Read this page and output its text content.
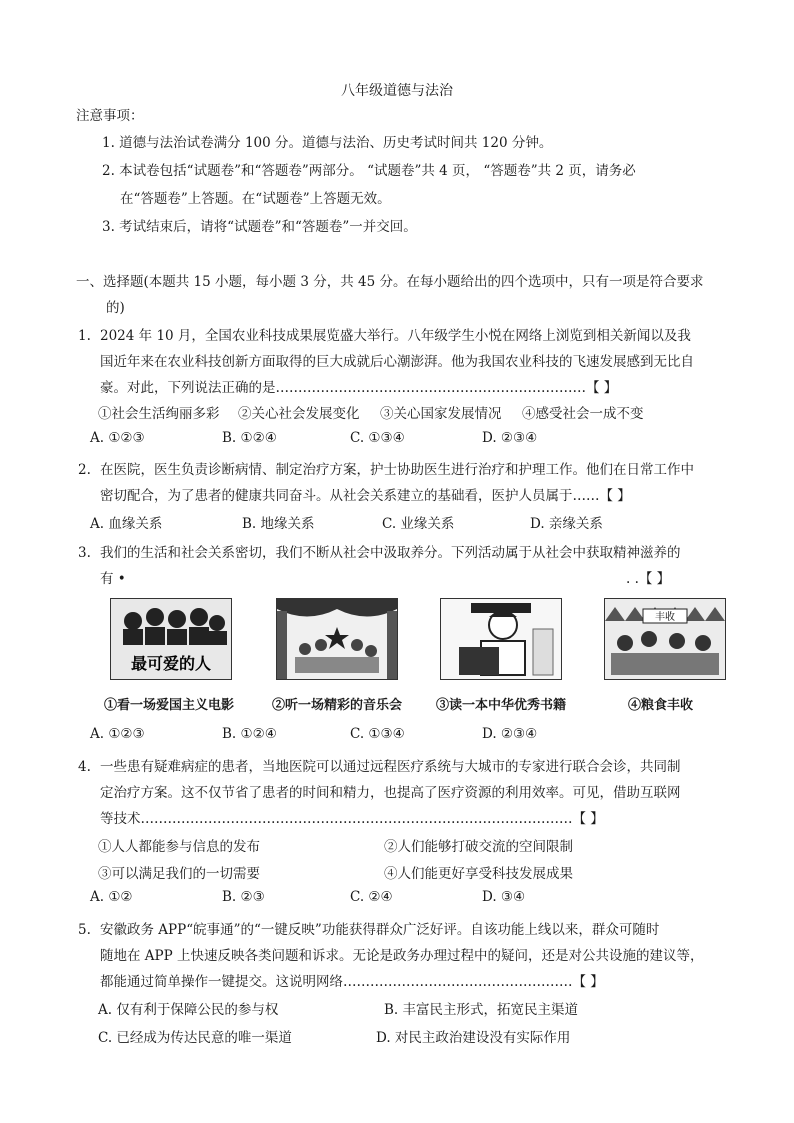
八年级道德与法治
注意事项：
1. 道德与法治试卷满分 100 分。道德与法治、历史考试时间共 120 分钟。
2. 本试卷包括“试题卷”和“答题卷”两部分。 “试题卷”共 4 页， “答题卷”共 2 页，请务必
在“答题卷”上答题。在“试题卷”上答题无效。
3. 考试结束后，请将“试题卷”和“答题卷”一并交回。
一、选择题(本题共 15 小题，每小题 3 分，共 45 分。在每小题给出的四个选项中，只有一项是符合要求
的)
1. 2024 年 10 月，全国农业科技成果展览盛大举行。八年级学生小悦在网络上浏览到相关新闻以及我
国近年来在农业科技创新方面取得的巨大成就后心潮澎湃。他为我国农业科技的飞速发展感到无比自
豪。对此，下列说法正确的是……………………………………………………………【 】
①社会生活绚丽多彩 ②关心社会发展变化 ③关心国家发展情况 ④感受社会一成不变
A. ①②③	B. ①②④	C. ①③④	D. ②③④
2. 在医院，医生负责诊断病情、制定治疗方案，护士协助医生进行治疗和护理工作。他们在日常工作中
密切配合，为了患者的健康共同奋斗。从社会关系建立的基础看，医护人员属于……【 】
A. 血缘关系	B. 地缘关系	C. 业缘关系	D. 亲缘关系
3. 我们的生活和社会关系密切，我们不断从社会中汲取养分。下列活动属于从社会中获取精神滋养的
有 •	. .【 】
最可爱的人
丰收
①看一场爱国主义电影	②听一场精彩的音乐会	③读一本中华优秀书籍	④粮食丰收
A. ①②③	B. ①②④	C. ①③④	D. ②③④
4. 一些患有疑难病症的患者，当地医院可以通过远程医疗系统与大城市的专家进行联合会诊，共同制
定治疗方案。这不仅节省了患者的时间和精力，也提高了医疗资源的利用效率。可见，借助互联网
等技术……………………………………………………………………………………【 】
①人人都能参与信息的发布	②人们能够打破交流的空间限制
③可以满足我们的一切需要	④人们能更好享受科技发展成果
A. ①②	B. ②③	C. ②④	D. ③④
5. 安徽政务 APP“皖事通”的“一键反映”功能获得群众广泛好评。自该功能上线以来，群众可随时
随地在 APP 上快速反映各类问题和诉求。无论是政务办理过程中的疑问，还是对公共设施的建议等，
都能通过简单操作一键提交。这说明网络……………………………………………【 】
A. 仅有利于保障公民的参与权	B. 丰富民主形式，拓宽民主渠道
C. 已经成为传达民意的唯一渠道	D. 对民主政治建设没有实际作用
